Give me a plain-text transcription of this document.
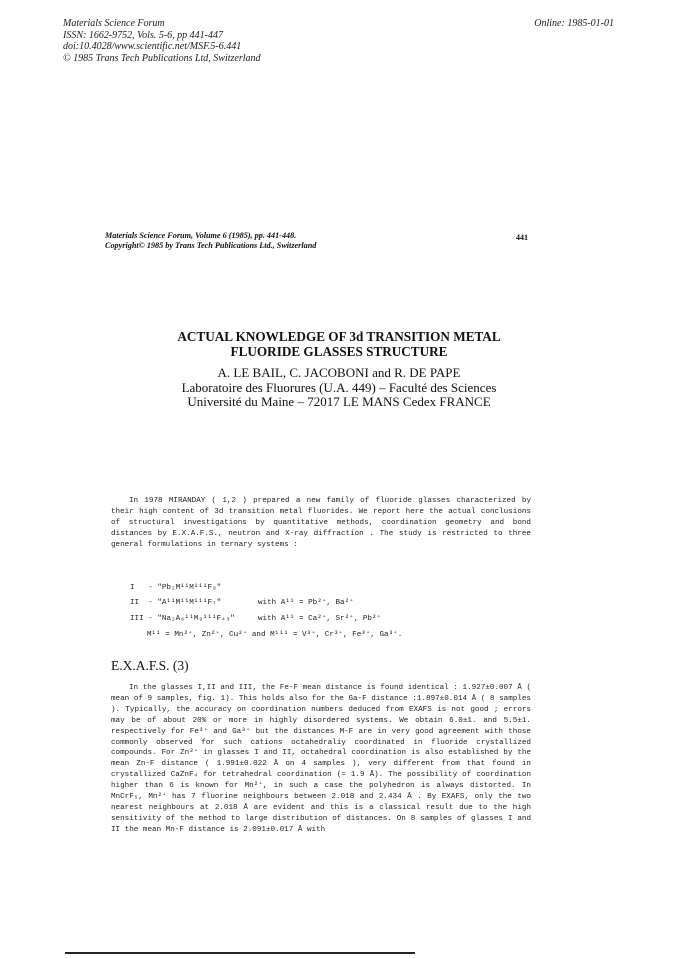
Materials Science Forum
ISSN: 1662-9752, Vols. 5-6, pp 441-447
doi:10.4028/www.scientific.net/MSF.5-6.441
© 1985 Trans Tech Publications Ltd, Switzerland
Online: 1985-01-01
Materials Science Forum, Volume 6 (1985), pp. 441-448.
Copyright© 1985 by Trans Tech Publications Ltd., Switzerland
441
ACTUAL KNOWLEDGE OF 3d TRANSITION METAL
FLUORIDE GLASSES STRUCTURE
A. LE BAIL, C. JACOBONI and R. DE PAPE
Laboratoire des Fluorures (U.A. 449) – Faculté des Sciences
Université du Maine – 72017 LE MANS Cedex FRANCE

In 1978 MIRANDAY ( 1,2 ) prepared a new family of fluoride glasses characterized by their high content of 3d transition metal fluorides. We report here the actual conclusions of structural investigations by quantitative methods, coordination geometry and bond distances by E.X.A.F.S., neutron and X-ray diffraction . The study is restricted to three general formulations in ternary systems :

I   - "Pb₂M¹¹M¹¹¹F₉"
II  - "A¹¹M¹¹M¹¹¹F₇"	with A¹¹ = Pb²⁺, Ba²⁺
III - "Na₂A₈¹¹M₉¹¹¹F₄₃"	with A¹¹ = Ca²⁺, Sr²⁺, Pb²⁺
M¹¹ = Mn²⁺, Zn²⁺, Cu²⁺ and M¹¹¹ = V³⁺, Cr³⁺, Fe³⁺, Ga³⁺.
E.X.A.F.S. (3)

In the glasses I,II and III, the Fe-F mean distance is found identical : 1.927±0.007 Å ( mean of 9 samples, fig. 1). This holds also for the Ga-F distance :1.897±0.014 Å ( 8 samples ). Typically, the accuracy on coordination numbers deduced from EXAFS is not good ; errors may be of about 20% or more in highly disordered systems. We obtain 6.0±1. and 5.5±1. respectively for Fe³⁺ and Ga³⁺ but the distances M-F are in very good agreement with those commonly observed for such cations octahedraliy coordinated in fluoride crystallized compounds. For Zn²⁺ in glasses I and II, octahedral coordination is also established by the mean Zn-F distance ( 1.991±0.022 Å on 4 samples ), very different from that found in crystallized CaZnF₄ for tetrahedral coordination (≈ 1.9 Å). The possibility of coordination higher than 6 is known for Mn²⁺, in such a case the polyhedron is always distorted. In MnCrF₅, Mn²⁺ has 7 fluorine neighbours between 2.018 and 2.434 Å . By EXAFS, only the two nearest neighbours at 2.018 Å are evident and this is a classical result due to the high sensitivity of the method to large distribution of distances. On 8 samples of glasses I and II the mean Mn-F distance is 2.091±0.017 Å with
